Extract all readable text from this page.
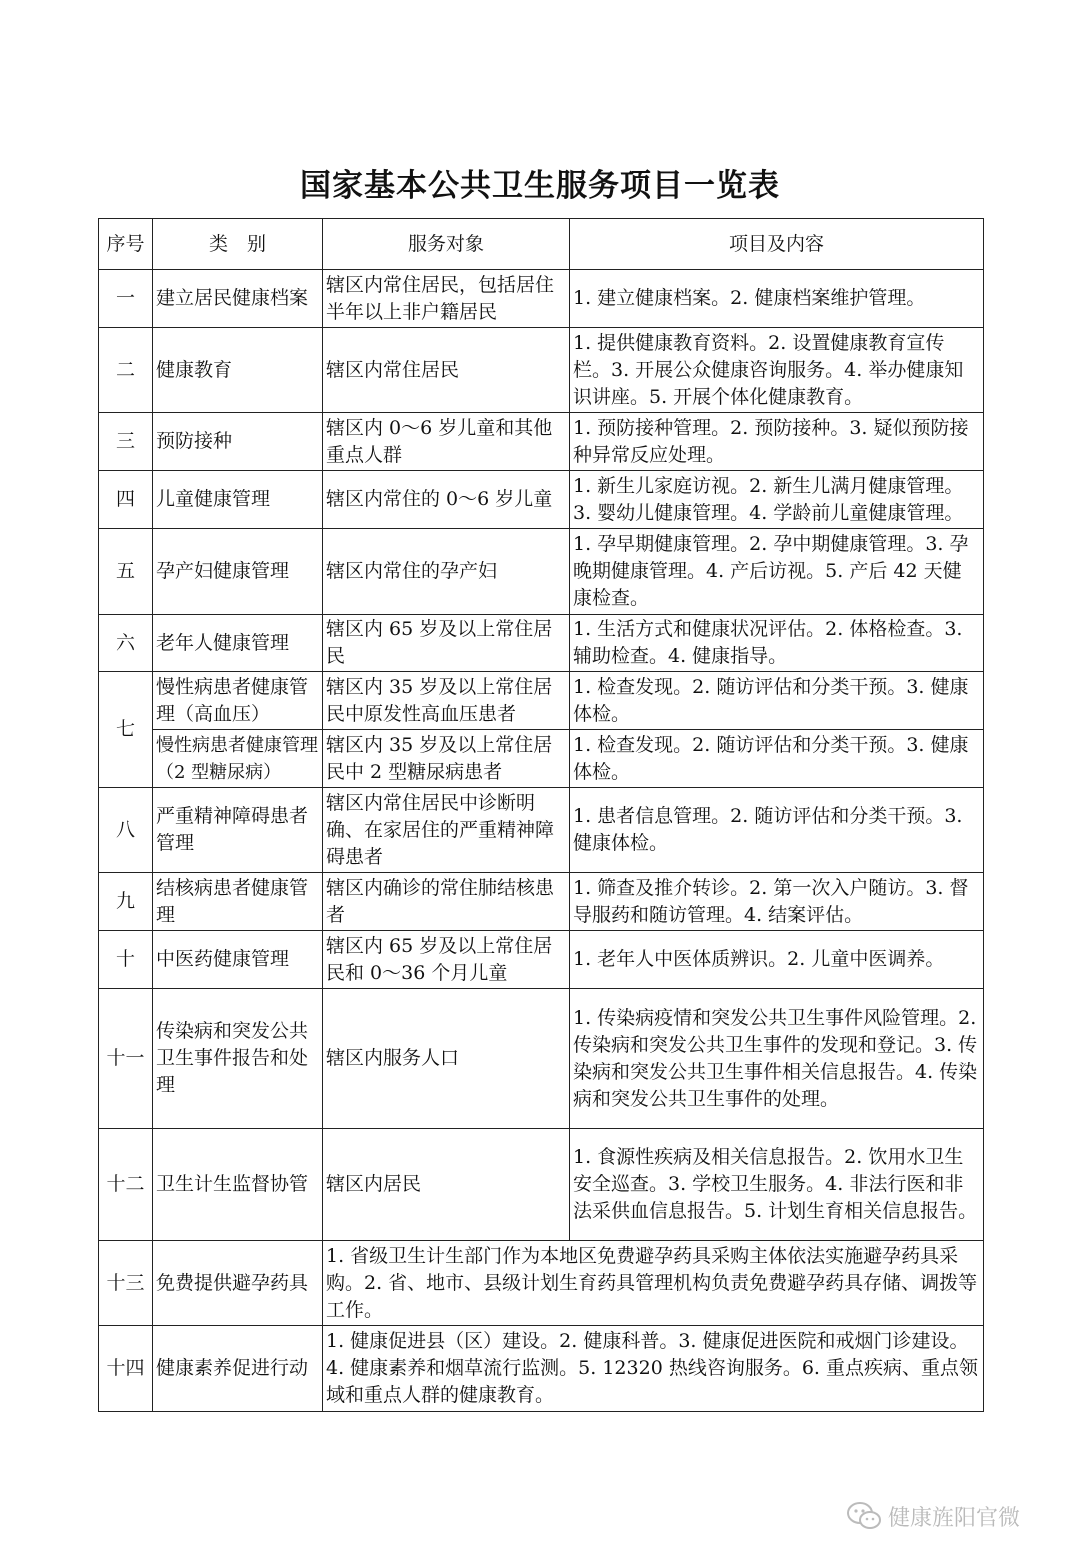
国家基本公共卫生服务项目一览表
序号	类　别	服务对象	项目及内容
一	建立居民健康档案	辖区内常住居民，包括居住半年以上非户籍居民	1. 建立健康档案。2. 健康档案维护管理。
二	健康教育	辖区内常住居民	1. 提供健康教育资料。2. 设置健康教育宣传栏。3. 开展公众健康咨询服务。4. 举办健康知识讲座。5. 开展个体化健康教育。
三	预防接种	辖区内 0～6 岁儿童和其他重点人群	1. 预防接种管理。2. 预防接种。3. 疑似预防接种异常反应处理。
四	儿童健康管理	辖区内常住的 0～6 岁儿童	1. 新生儿家庭访视。2. 新生儿满月健康管理。3. 婴幼儿健康管理。4. 学龄前儿童健康管理。
五	孕产妇健康管理	辖区内常住的孕产妇	1. 孕早期健康管理。2. 孕中期健康管理。3. 孕晚期健康管理。4. 产后访视。5. 产后 42 天健康检查。
六	老年人健康管理	辖区内 65 岁及以上常住居民	1. 生活方式和健康状况评估。2. 体格检查。3. 辅助检查。4. 健康指导。
七	慢性病患者健康管理（高血压）	辖区内 35 岁及以上常住居民中原发性高血压患者	1. 检查发现。2. 随访评估和分类干预。3. 健康体检。
	慢性病患者健康管理（2 型糖尿病）	辖区内 35 岁及以上常住居民中 2 型糖尿病患者	1. 检查发现。2. 随访评估和分类干预。3. 健康体检。
八	严重精神障碍患者管理	辖区内常住居民中诊断明确、在家居住的严重精神障碍患者	1. 患者信息管理。2. 随访评估和分类干预。3. 健康体检。
九	结核病患者健康管理	辖区内确诊的常住肺结核患者	1. 筛查及推介转诊。2. 第一次入户随访。3. 督导服药和随访管理。4. 结案评估。
十	中医药健康管理	辖区内 65 岁及以上常住居民和 0～36 个月儿童	1. 老年人中医体质辨识。2. 儿童中医调养。
十一	传染病和突发公共卫生事件报告和处理	辖区内服务人口	1. 传染病疫情和突发公共卫生事件风险管理。2. 传染病和突发公共卫生事件的发现和登记。3. 传染病和突发公共卫生事件相关信息报告。4. 传染病和突发公共卫生事件的处理。
十二	卫生计生监督协管	辖区内居民	1. 食源性疾病及相关信息报告。2. 饮用水卫生安全巡查。3. 学校卫生服务。4. 非法行医和非法采供血信息报告。5. 计划生育相关信息报告。
十三	免费提供避孕药具	1. 省级卫生计生部门作为本地区免费避孕药具采购主体依法实施避孕药具采购。2. 省、地市、县级计划生育药具管理机构负责免费避孕药具存储、调拨等工作。	
十四	健康素养促进行动	1. 健康促进县（区）建设。2. 健康科普。3. 健康促进医院和戒烟门诊建设。4. 健康素养和烟草流行监测。5. 12320 热线咨询服务。6. 重点疾病、重点领域和重点人群的健康教育。	
健康旌阳官微
